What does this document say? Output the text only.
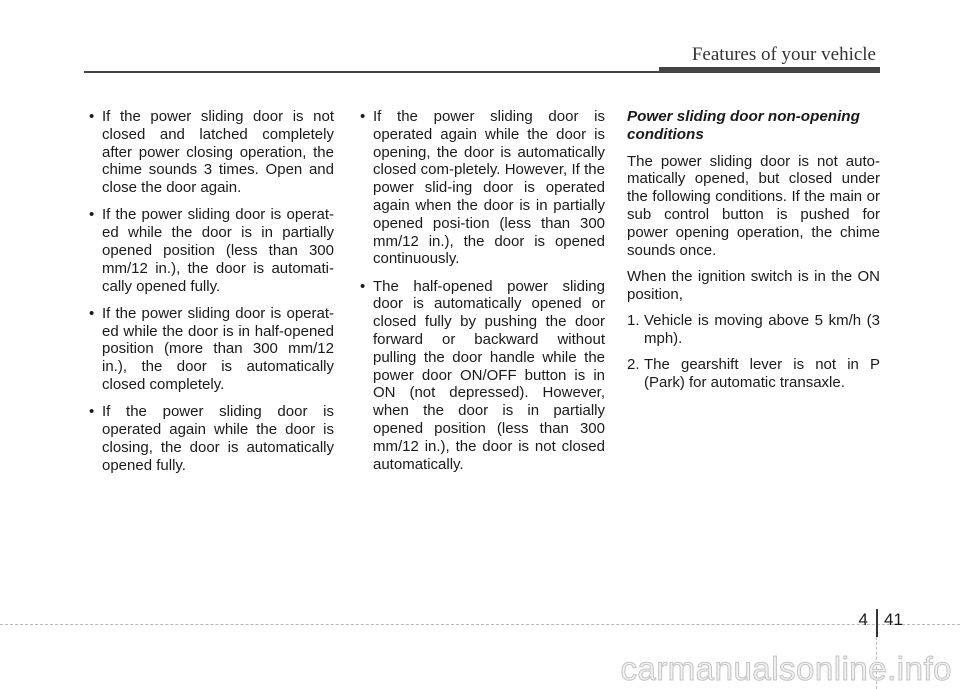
Features of your vehicle
• If the power sliding door is not closed and latched completely after power closing operation, the chime sounds 3 times. Open and close the door again.
• If the power sliding door is operat-ed while the door is in partially opened position (less than 300 mm/12 in.), the door is automati-cally opened fully.
• If the power sliding door is operat-ed while the door is in half-opened position (more than 300 mm/12 in.), the door is automatically closed completely.
• If the power sliding door is operated again while the door is closing, the door is automatically opened fully.
• If the power sliding door is operated again while the door is opening, the door is automatically closed com-pletely. However, If the power slid-ing door is operated again when the door is in partially opened posi-tion (less than 300 mm/12 in.), the door is opened continuously.
• The half-opened power sliding door is automatically opened or closed fully by pushing the door forward or backward without pulling the door handle while the power door ON/OFF button is in ON (not depressed). However, when the door is in partially opened position (less than 300 mm/12 in.), the door is not closed automatically.
Power sliding door non-opening conditions

The power sliding door is not auto-matically opened, but closed under the following conditions. If the main or sub control button is pushed for power opening operation, the chime sounds once.

When the ignition switch is in the ON position,

1. Vehicle is moving above 5 km/h (3 mph).
2. The gearshift lever is not in P (Park) for automatic transaxle.
4 41
carmanualsonline.info
